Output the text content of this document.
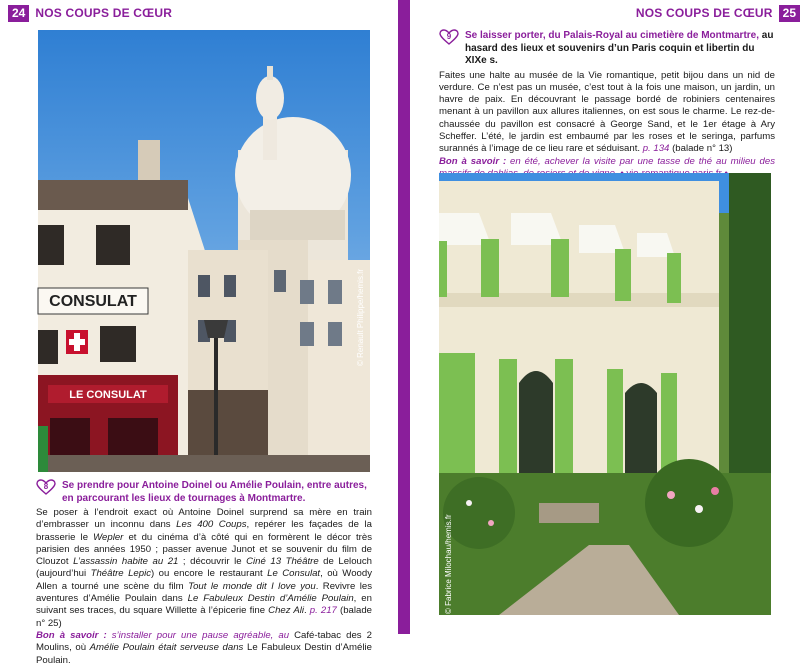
24 NOS COUPS DE CŒUR
CONSULAT
LE CONSULAT
© Renault Philippe/hemis.fr
8	Se prendre pour Antoine Doinel ou Amélie Poulain, entre autres, en parcourant les lieux de tournages à Montmartre.

Se poser à l’endroit exact où Antoine Doinel surprend sa mère en train d’embrasser un inconnu dans Les 400 Coups, repérer les façades de la brasserie le Wepler et du cinéma d’à côté qui en formèrent le décor très parisien des années 1950 ; passer avenue Junot et se souvenir du film de Clouzot L’assassin habite au 21 ; découvrir le Ciné 13 Théâtre de Lelouch (aujourd’hui Théâtre Lepic) ou encore le restaurant Le Consulat, où Woody Allen a tourné une scène du film Tout le monde dit I love you. Revivre les aventures d’Amélie Poulain dans Le Fabuleux Destin d’Amélie Poulain, en suivant ses traces, du square Willette à l’épicerie fine Chez Ali. p. 217 (balade n° 25)

Bon à savoir : s’installer pour une pause agréable, au Café-tabac des 2 Moulins, où Amélie Poulain était serveuse dans Le Fabuleux Destin d’Amélie Poulain.

NOS COUPS DE CŒUR 25
9	Se laisser porter, du Palais-Royal au cimetière de Montmartre, au hasard des lieux et souvenirs d’un Paris coquin et libertin du XIXe s.

Faites une halte au musée de la Vie romantique, petit bijou dans un nid de verdure. Ce n’est pas un musée, c’est tout à la fois une maison, un jardin, un havre de paix. En découvrant le passage bordé de robiniers centenaires menant à un pavillon aux allures italiennes, on est sous le charme. Le rez-de-chaussée du pavillon est consacré à George Sand, et le 1er étage à Ary Scheffer. L’été, le jardin est embaumé par les roses et le seringa, parfums surannés à l’image de ce lieu rare et séduisant. p. 134 (balade n° 13)

Bon à savoir : en été, achever la visite par une tasse de thé au milieu des

© Fabrice Milochau/hemis.fr
